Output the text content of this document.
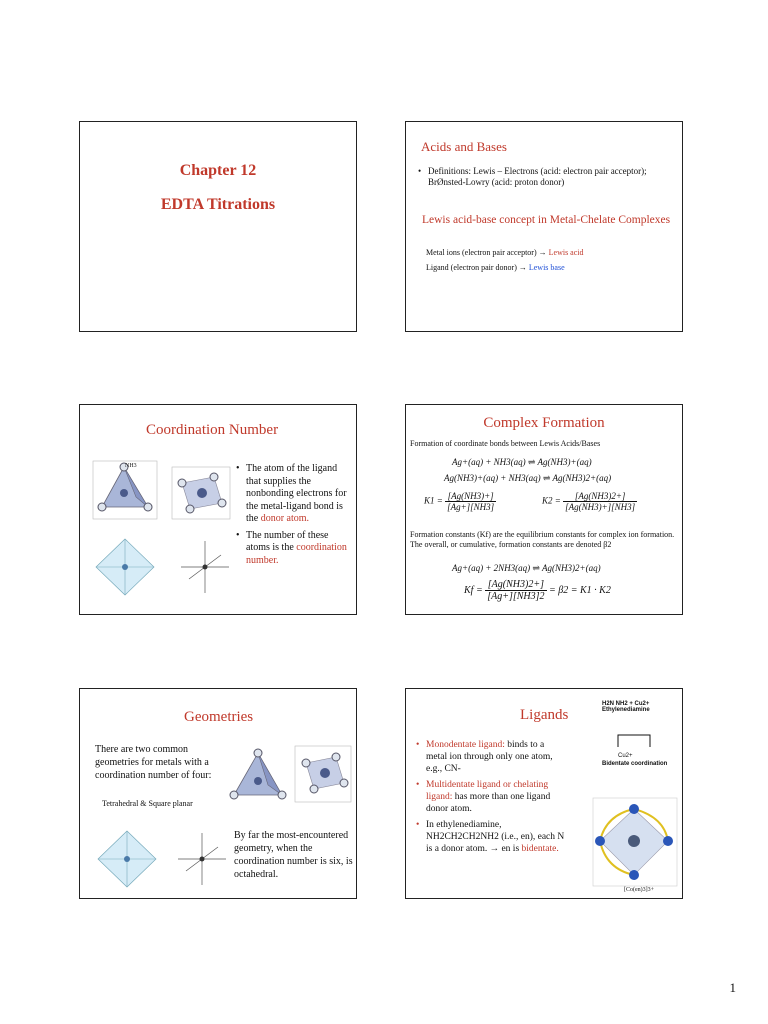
Chapter 12
EDTA Titrations
Acids and Bases
• Definitions: Lewis – Electrons (acid: electron pair acceptor); BrØnsted-Lowry (acid: proton donor)
Lewis acid-base concept in Metal-Chelate Complexes
Metal ions (electron pair acceptor) → Lewis acid
Ligand (electron pair donor) → Lewis base
Coordination Number
NH3
•	The atom of the ligand that supplies the nonbonding electrons for the metal-ligand bond is the donor atom.
• The number of these atoms is the coordination number.
Complex Formation
Formation of coordinate bonds between Lewis Acids/Bases
Ag+(aq) + NH3(aq) ⇌ Ag(NH3)+(aq)
Ag(NH3)+(aq) + NH3(aq) ⇌ Ag(NH3)2+(aq)
$K1 = \frac{[Ag(NH3)+]}{[Ag+][NH3]}$	$K2 = \frac{[Ag(NH3)2+]}{[Ag(NH3)+][NH3]}$
Formation constants (Kf) are the equilibrium constants for complex ion formation. The overall, or cumulative, formation constants are denoted β2
Ag+(aq) + 2NH3(aq) ⇌ Ag(NH3)2+(aq)
$Kf = \frac{[Ag(NH3)2+]}{[Ag+][NH3]2} = \beta 2 = K1 \cdot K2$
Geometries
There are two common geometries for metals with a coordination number of four:
Tetrahedral & Square planar
By far the most-encountered geometry, when the coordination number is six, is octahedral.
Ligands
• Monodentate ligand: binds to a metal ion through only one atom, e.g., CN-
• Multidentate ligand or chelating ligand: has more than one ligand donor atom.
• In ethylenediamine, NH2CH2CH2NH2 (i.e., en), each N is a donor atom. → en is bidentate.
H2N NH2 + Cu2+
Ethylenediamine
Cu2+
Bidentate coordination
[Co(en)3]3+
1
